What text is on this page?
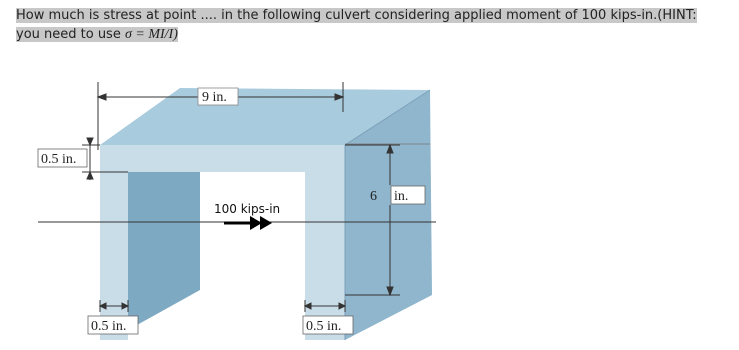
How much is stress at point .... in the following culvert considering applied moment of 100 kips-in.(HINT:
you need to use σ = MI/I)
9 in.
0.5 in.
6 in.
0.5 in.	0.5 in.
100 kips-in
